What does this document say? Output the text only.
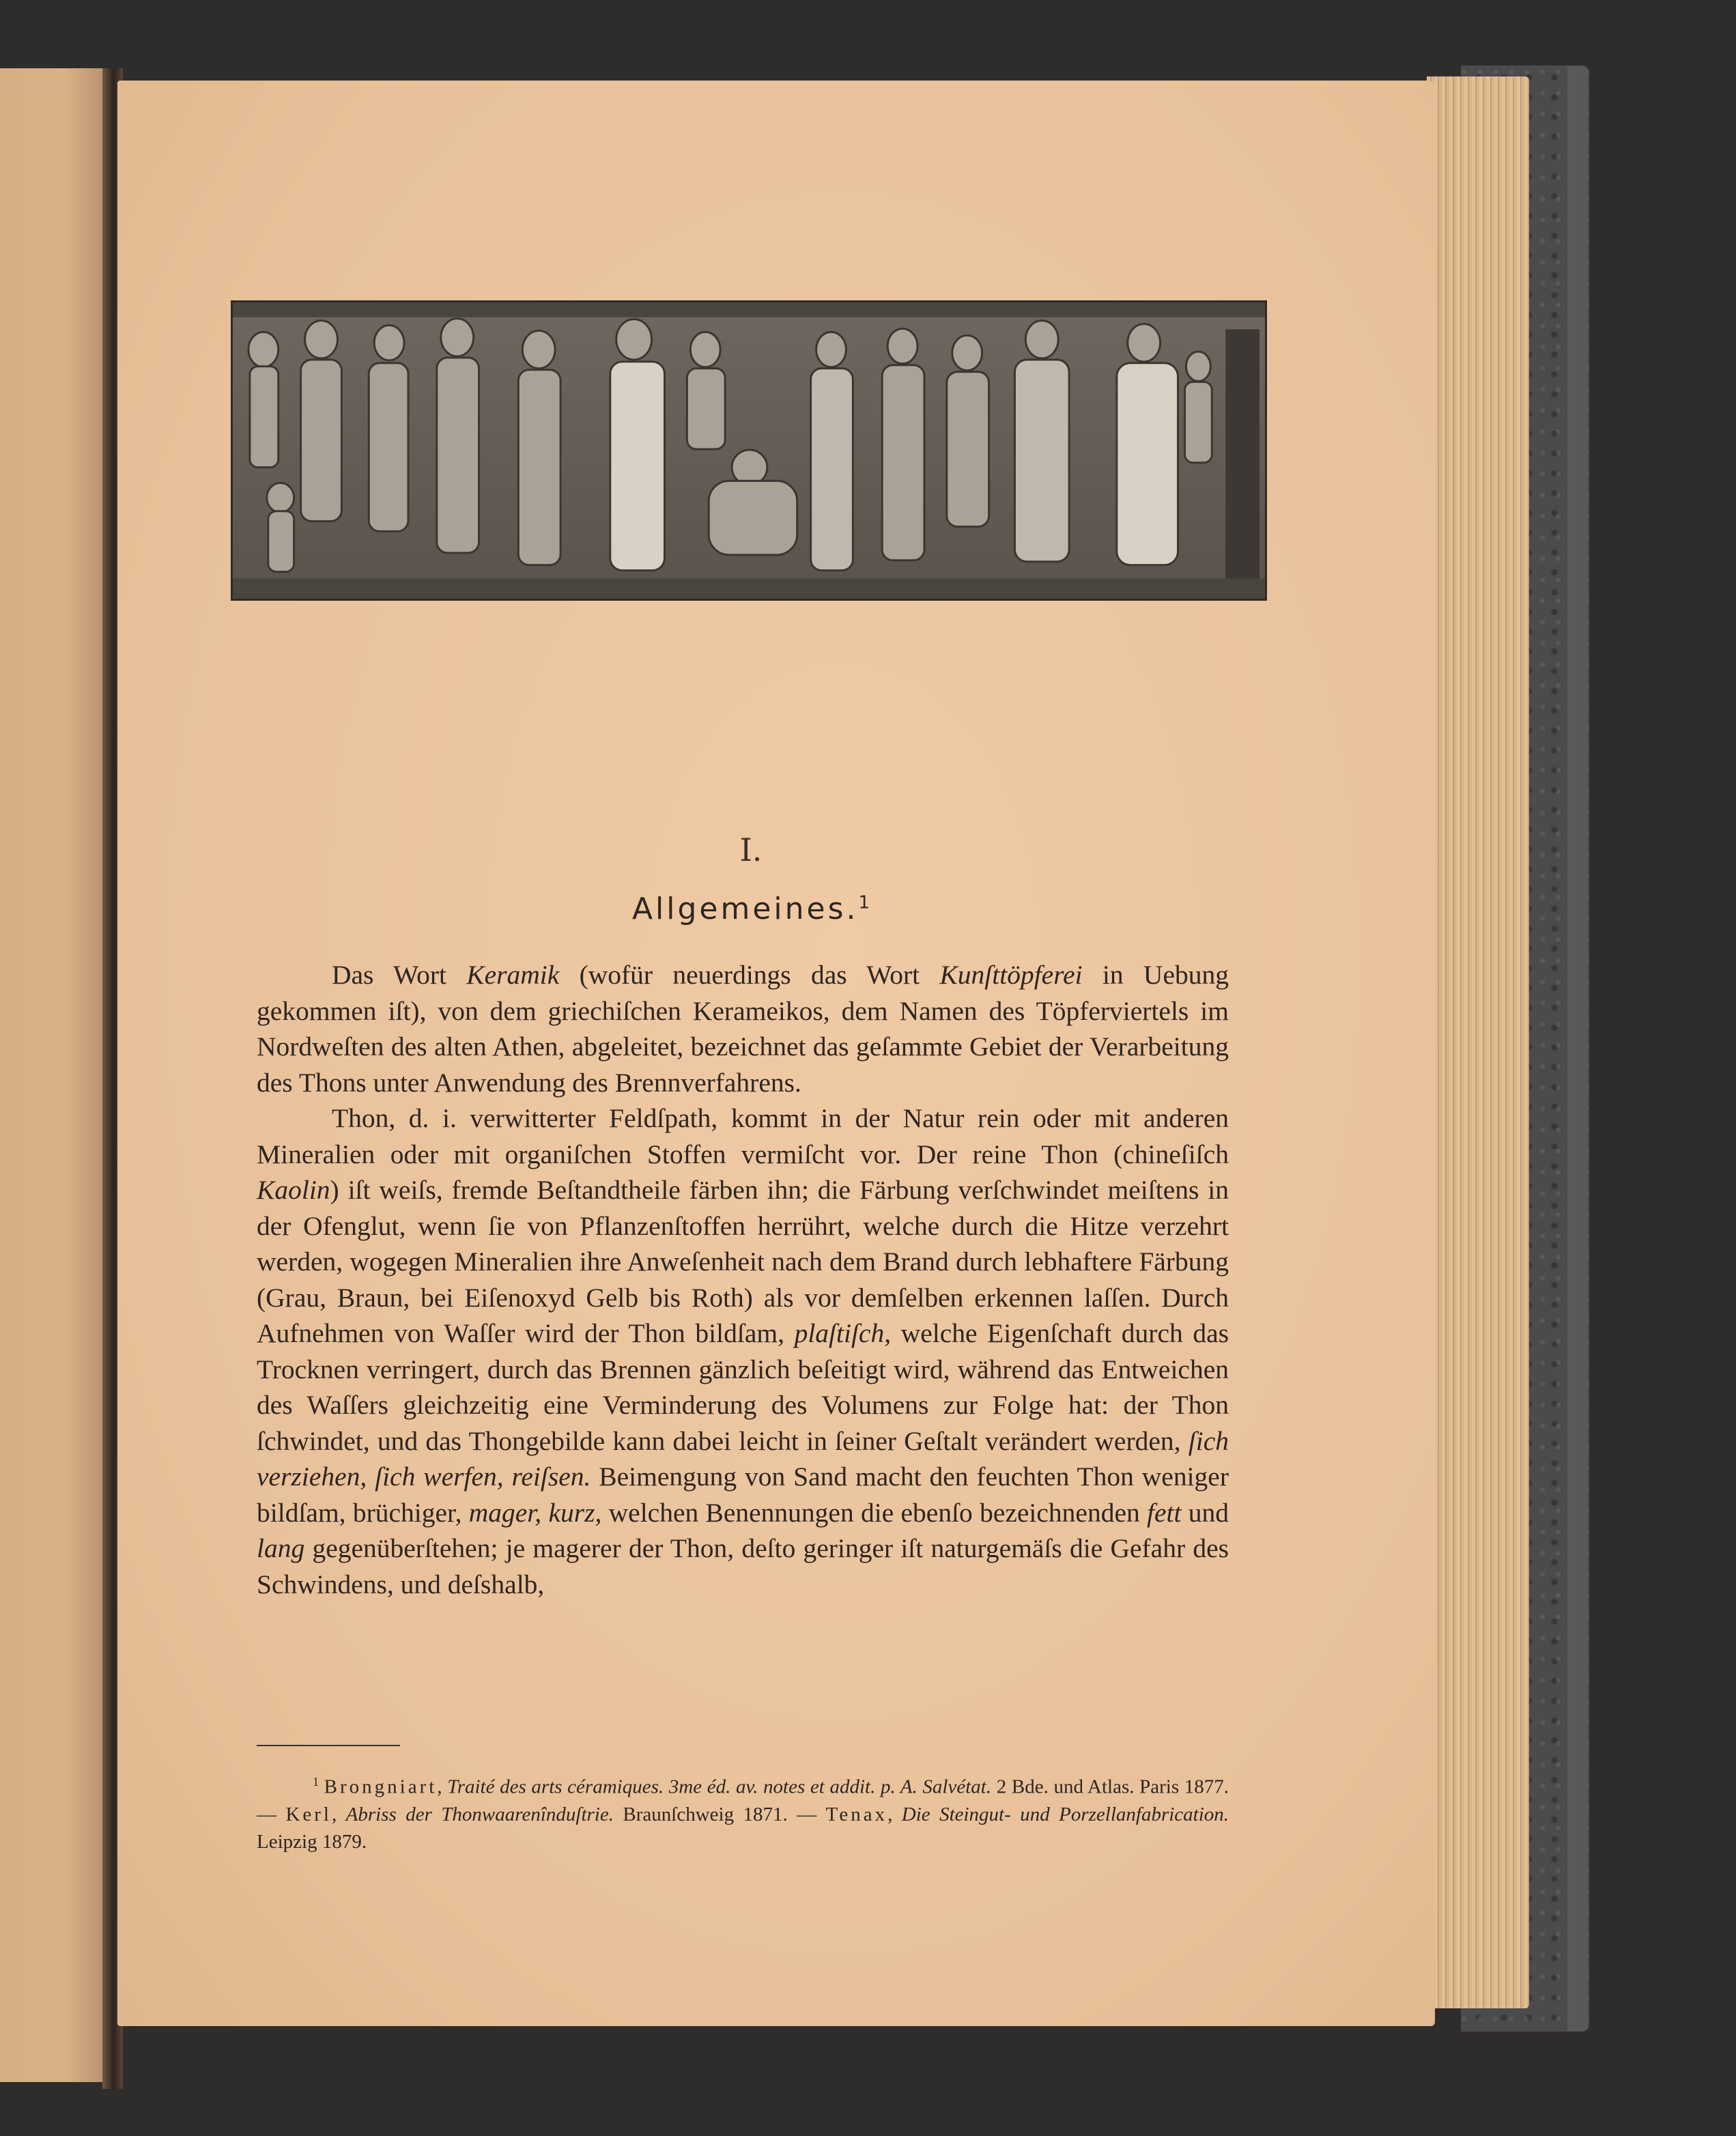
I.
Allgemeines.$^1$

Das Wort Keramik (wofür neuerdings das Wort Kunſttöpferei in Uebung gekommen iſt), von dem griechiſchen Kerameikos, dem Namen des Töpferviertels im Nordweſten des alten Athen, abgeleitet, bezeichnet das geſammte Gebiet der Verarbeitung des Thons unter Anwendung des Brennverfahrens.

Thon, d. i. verwitterter Feldſpath, kommt in der Natur rein oder mit anderen Mineralien oder mit organiſchen Stoffen vermiſcht vor. Der reine Thon (chineſiſch Kaolin) iſt weiſs, fremde Beſtandtheile färben ihn; die Färbung verſchwindet meiſtens in der Ofenglut, wenn ſie von Pflanzenſtoffen herrührt, welche durch die Hitze verzehrt werden, wogegen Mineralien ihre Anweſenheit nach dem Brand durch lebhaftere Färbung (Grau, Braun, bei Eiſenoxyd Gelb bis Roth) als vor demſelben erkennen laſſen. Durch Aufnehmen von Waſſer wird der Thon bildſam, plaſtiſch, welche Eigenſchaft durch das Trocknen verringert, durch das Brennen gänzlich beſeitigt wird, während das Entweichen des Waſſers gleichzeitig eine Verminderung des Volumens zur Folge hat: der Thon ſchwindet, und das Thongebilde kann dabei leicht in ſeiner Geſtalt verändert werden, ſich verziehen, ſich werfen, reiſsen. Beimengung von Sand macht den feuchten Thon weniger bildſam, brüchiger, mager, kurz, welchen Benennungen die ebenſo bezeichnenden fett und lang gegenüberſtehen; je magerer der Thon, deſto geringer iſt naturgemäſs die Gefahr des Schwindens, und deſshalb,

$^1$ Brongniart, Traité des arts céramiques. 3me éd. av. notes et addit. p. A. Salvétat. 2 Bde. und Atlas. Paris 1877. — Kerl, Abriss der Thonwaarenînduſtrie. Braunſchweig 1871. — Tenax, Die Steingut- und Porzellanfabrication. Leipzig 1879.
